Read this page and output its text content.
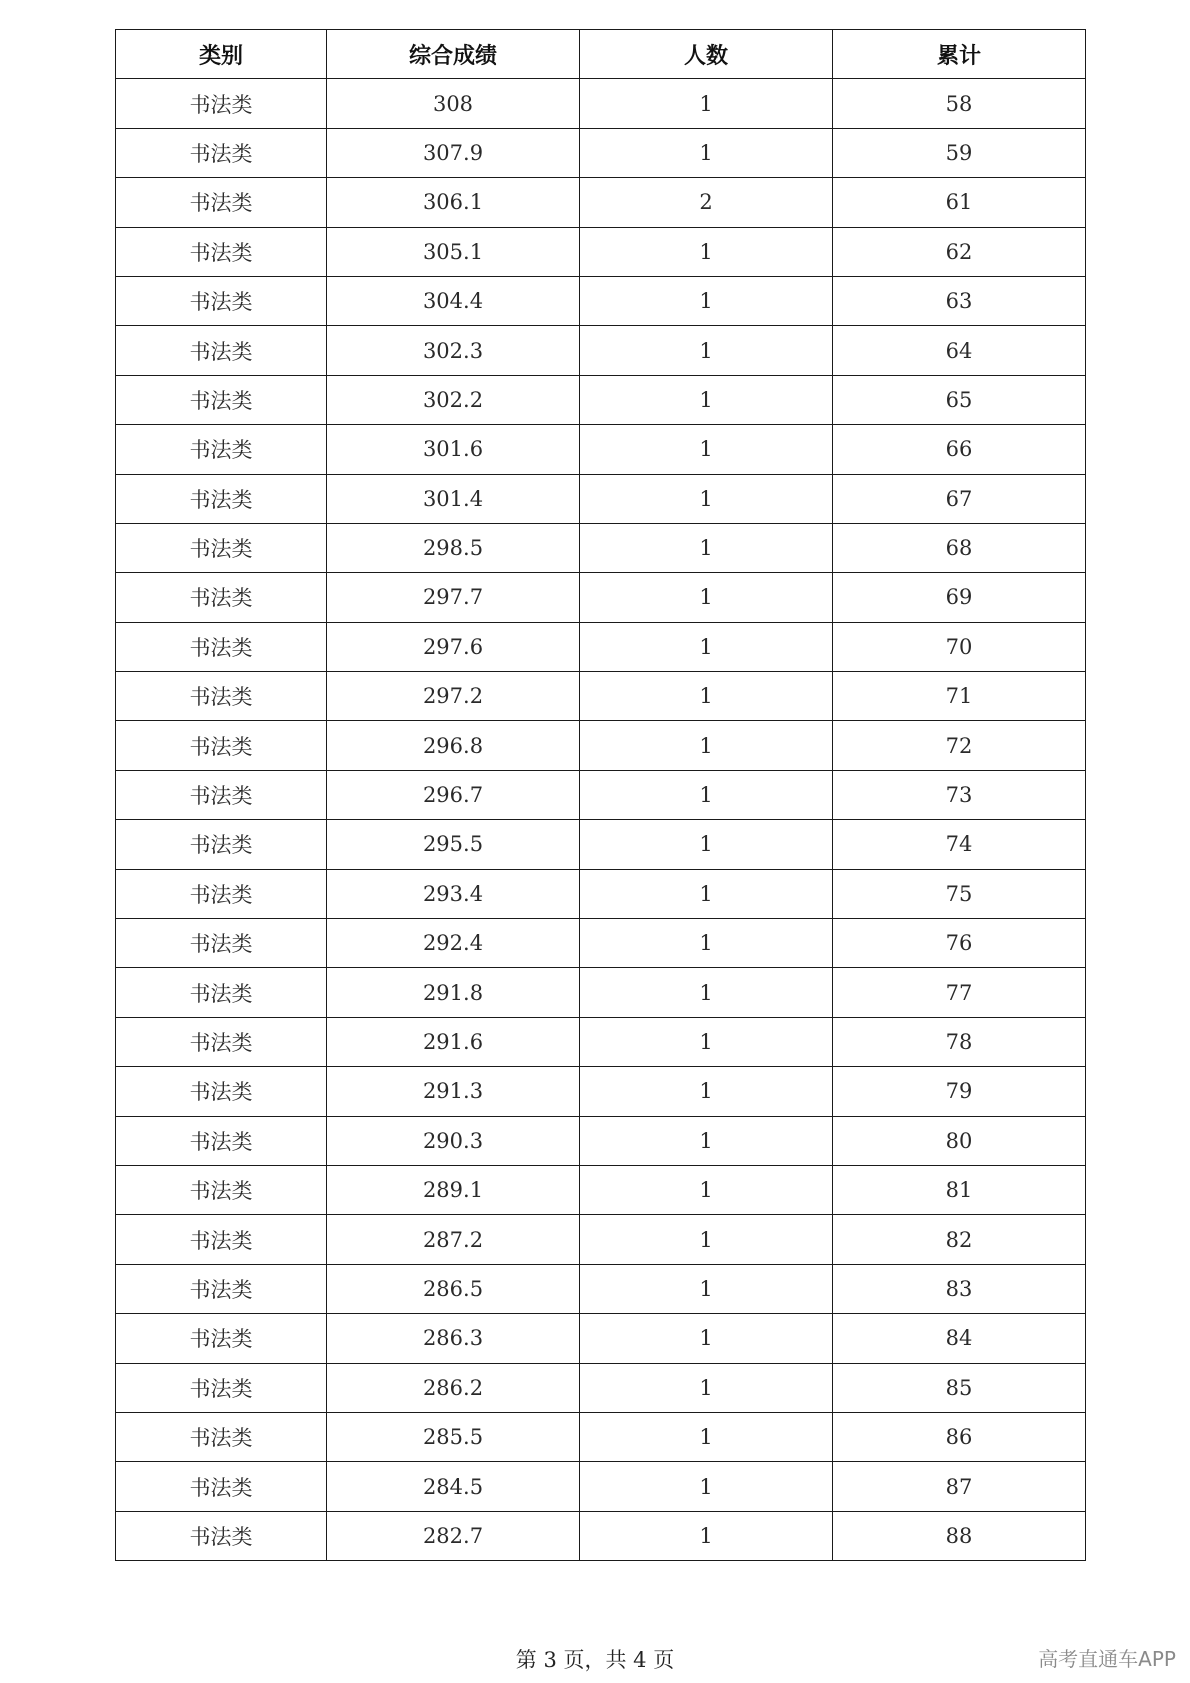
类别	综合成绩	人数	累计
书法类	308	1	58
书法类	307.9	1	59
书法类	306.1	2	61
书法类	305.1	1	62
书法类	304.4	1	63
书法类	302.3	1	64
书法类	302.2	1	65
书法类	301.6	1	66
书法类	301.4	1	67
书法类	298.5	1	68
书法类	297.7	1	69
书法类	297.6	1	70
书法类	297.2	1	71
书法类	296.8	1	72
书法类	296.7	1	73
书法类	295.5	1	74
书法类	293.4	1	75
书法类	292.4	1	76
书法类	291.8	1	77
书法类	291.6	1	78
书法类	291.3	1	79
书法类	290.3	1	80
书法类	289.1	1	81
书法类	287.2	1	82
书法类	286.5	1	83
书法类	286.3	1	84
书法类	286.2	1	85
书法类	285.5	1	86
书法类	284.5	1	87
书法类	282.7	1	88
第 3 页，共 4 页	高考直通车APP
